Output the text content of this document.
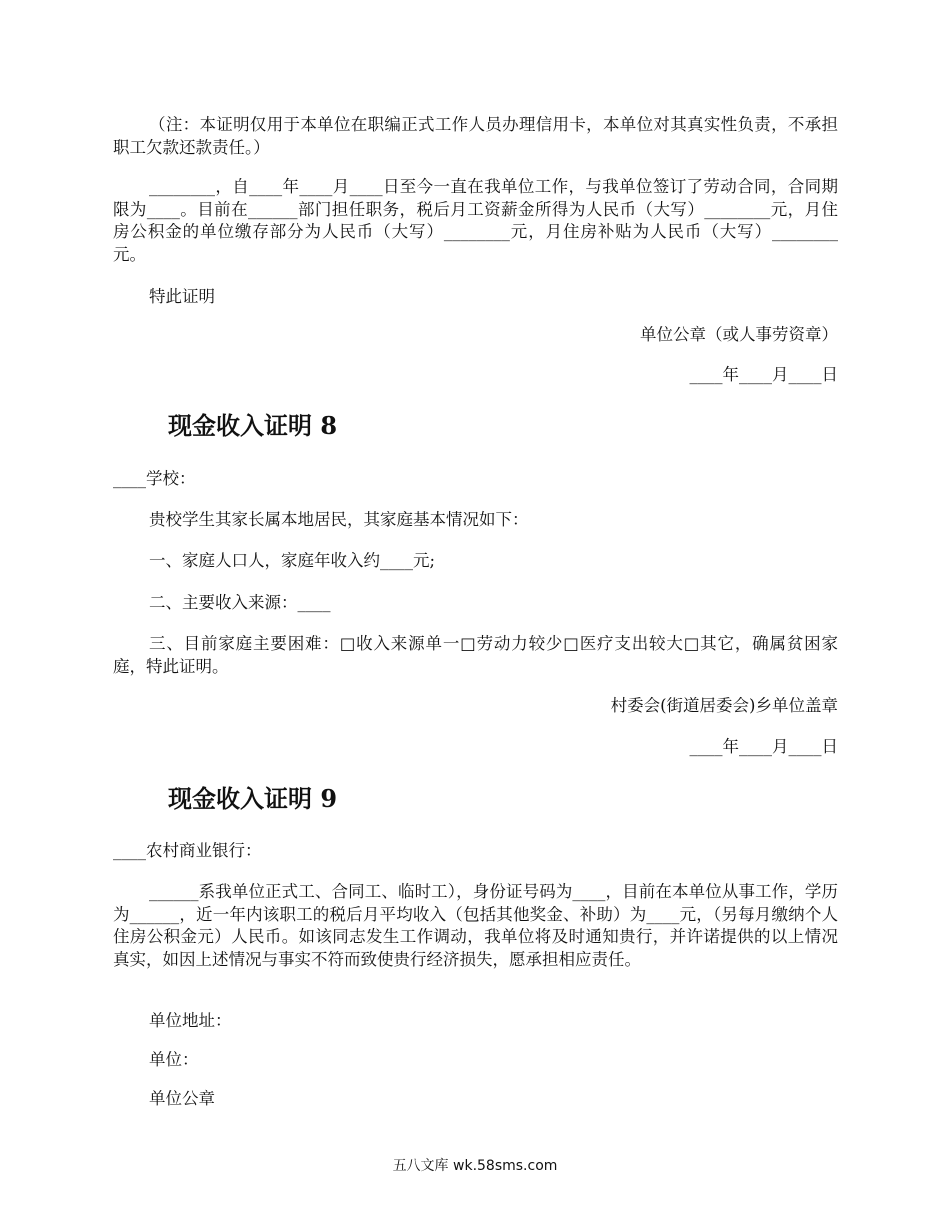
（注：本证明仅用于本单位在职编正式工作人员办理信用卡，本单位对其真实性负责，不承担职工欠款还款责任。）

________，自____年____月____日至今一直在我单位工作，与我单位签订了劳动合同，合同期限为____。目前在______部门担任职务，税后月工资薪金所得为人民币（大写）________元，月住房公积金的单位缴存部分为人民币（大写）________元，月住房补贴为人民币（大写）________元。

特此证明

单位公章（或人事劳资章）

____年____月____日

现金收入证明 8

____学校：

贵校学生其家长属本地居民，其家庭基本情况如下：

一、家庭人口人，家庭年收入约____元;

二、主要收入来源：____

三、目前家庭主要困难：□收入来源单一□劳动力较少□医疗支出较大□其它，确属贫困家庭，特此证明。

村委会(街道居委会)乡单位盖章

____年____月____日

现金收入证明 9

____农村商业银行：

______系我单位正式工、合同工、临时工），身份证号码为____，目前在本单位从事工作，学历为______，近一年内该职工的税后月平均收入（包括其他奖金、补助）为____元，（另每月缴纳个人住房公积金元）人民币。如该同志发生工作调动，我单位将及时通知贵行，并许诺提供的以上情况真实，如因上述情况与事实不符而致使贵行经济损失，愿承担相应责任。

单位地址：

单位：

单位公章

五八文库 wk.58sms.com
